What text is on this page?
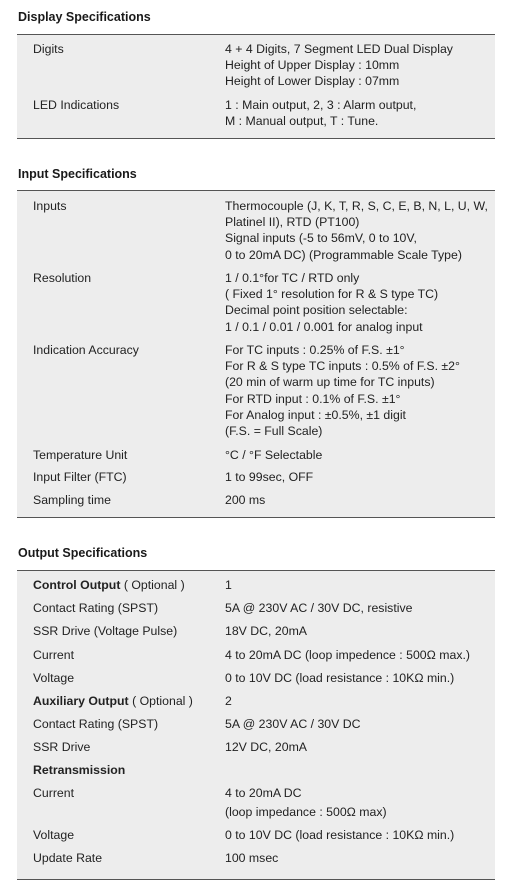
Display Specifications
Digits	4 + 4 Digits, 7 Segment LED Dual Display
Height of Upper Display : 10mm
Height of Lower Display : 07mm
LED Indications	1 : Main output, 2, 3 : Alarm output,
M : Manual output, T : Tune.
Input Specifications
Inputs	Thermocouple (J, K, T, R, S, C, E, B, N, L, U, W,
Platinel II), RTD (PT100)
Signal inputs (-5 to 56mV, 0 to 10V,
0 to 20mA DC) (Programmable Scale Type)
Resolution	1 / 0.1°for TC / RTD only
( Fixed 1° resolution for R & S type TC)
Decimal point position selectable:
1 / 0.1 / 0.01 / 0.001 for analog input
Indication Accuracy	For TC inputs : 0.25% of F.S. ±1°
For R & S type TC inputs : 0.5% of F.S. ±2°
(20 min of warm up time for TC inputs)
For RTD input : 0.1% of F.S. ±1°
For Analog input : ±0.5%, ±1 digit
(F.S. = Full Scale)
Temperature Unit	°C / °F Selectable
Input Filter (FTC)	1 to 99sec, OFF
Sampling time	200 ms
Output Specifications
Control Output ( Optional )	1
Contact Rating (SPST)	5A @ 230V AC / 30V DC, resistive
SSR Drive (Voltage Pulse)	18V DC, 20mA
Current	4 to 20mA DC (loop impedence : 500Ω max.)
Voltage	0 to 10V DC (load resistance : 10KΩ min.)
Auxiliary Output ( Optional )	2
Contact Rating (SPST)	5A @ 230V AC / 30V DC
SSR Drive	12V DC, 20mA
Retransmission
Current	4 to 20mA DC
(loop impedance : 500Ω max)
Voltage	0 to 10V DC (load resistance : 10KΩ min.)
Update Rate	100 msec
